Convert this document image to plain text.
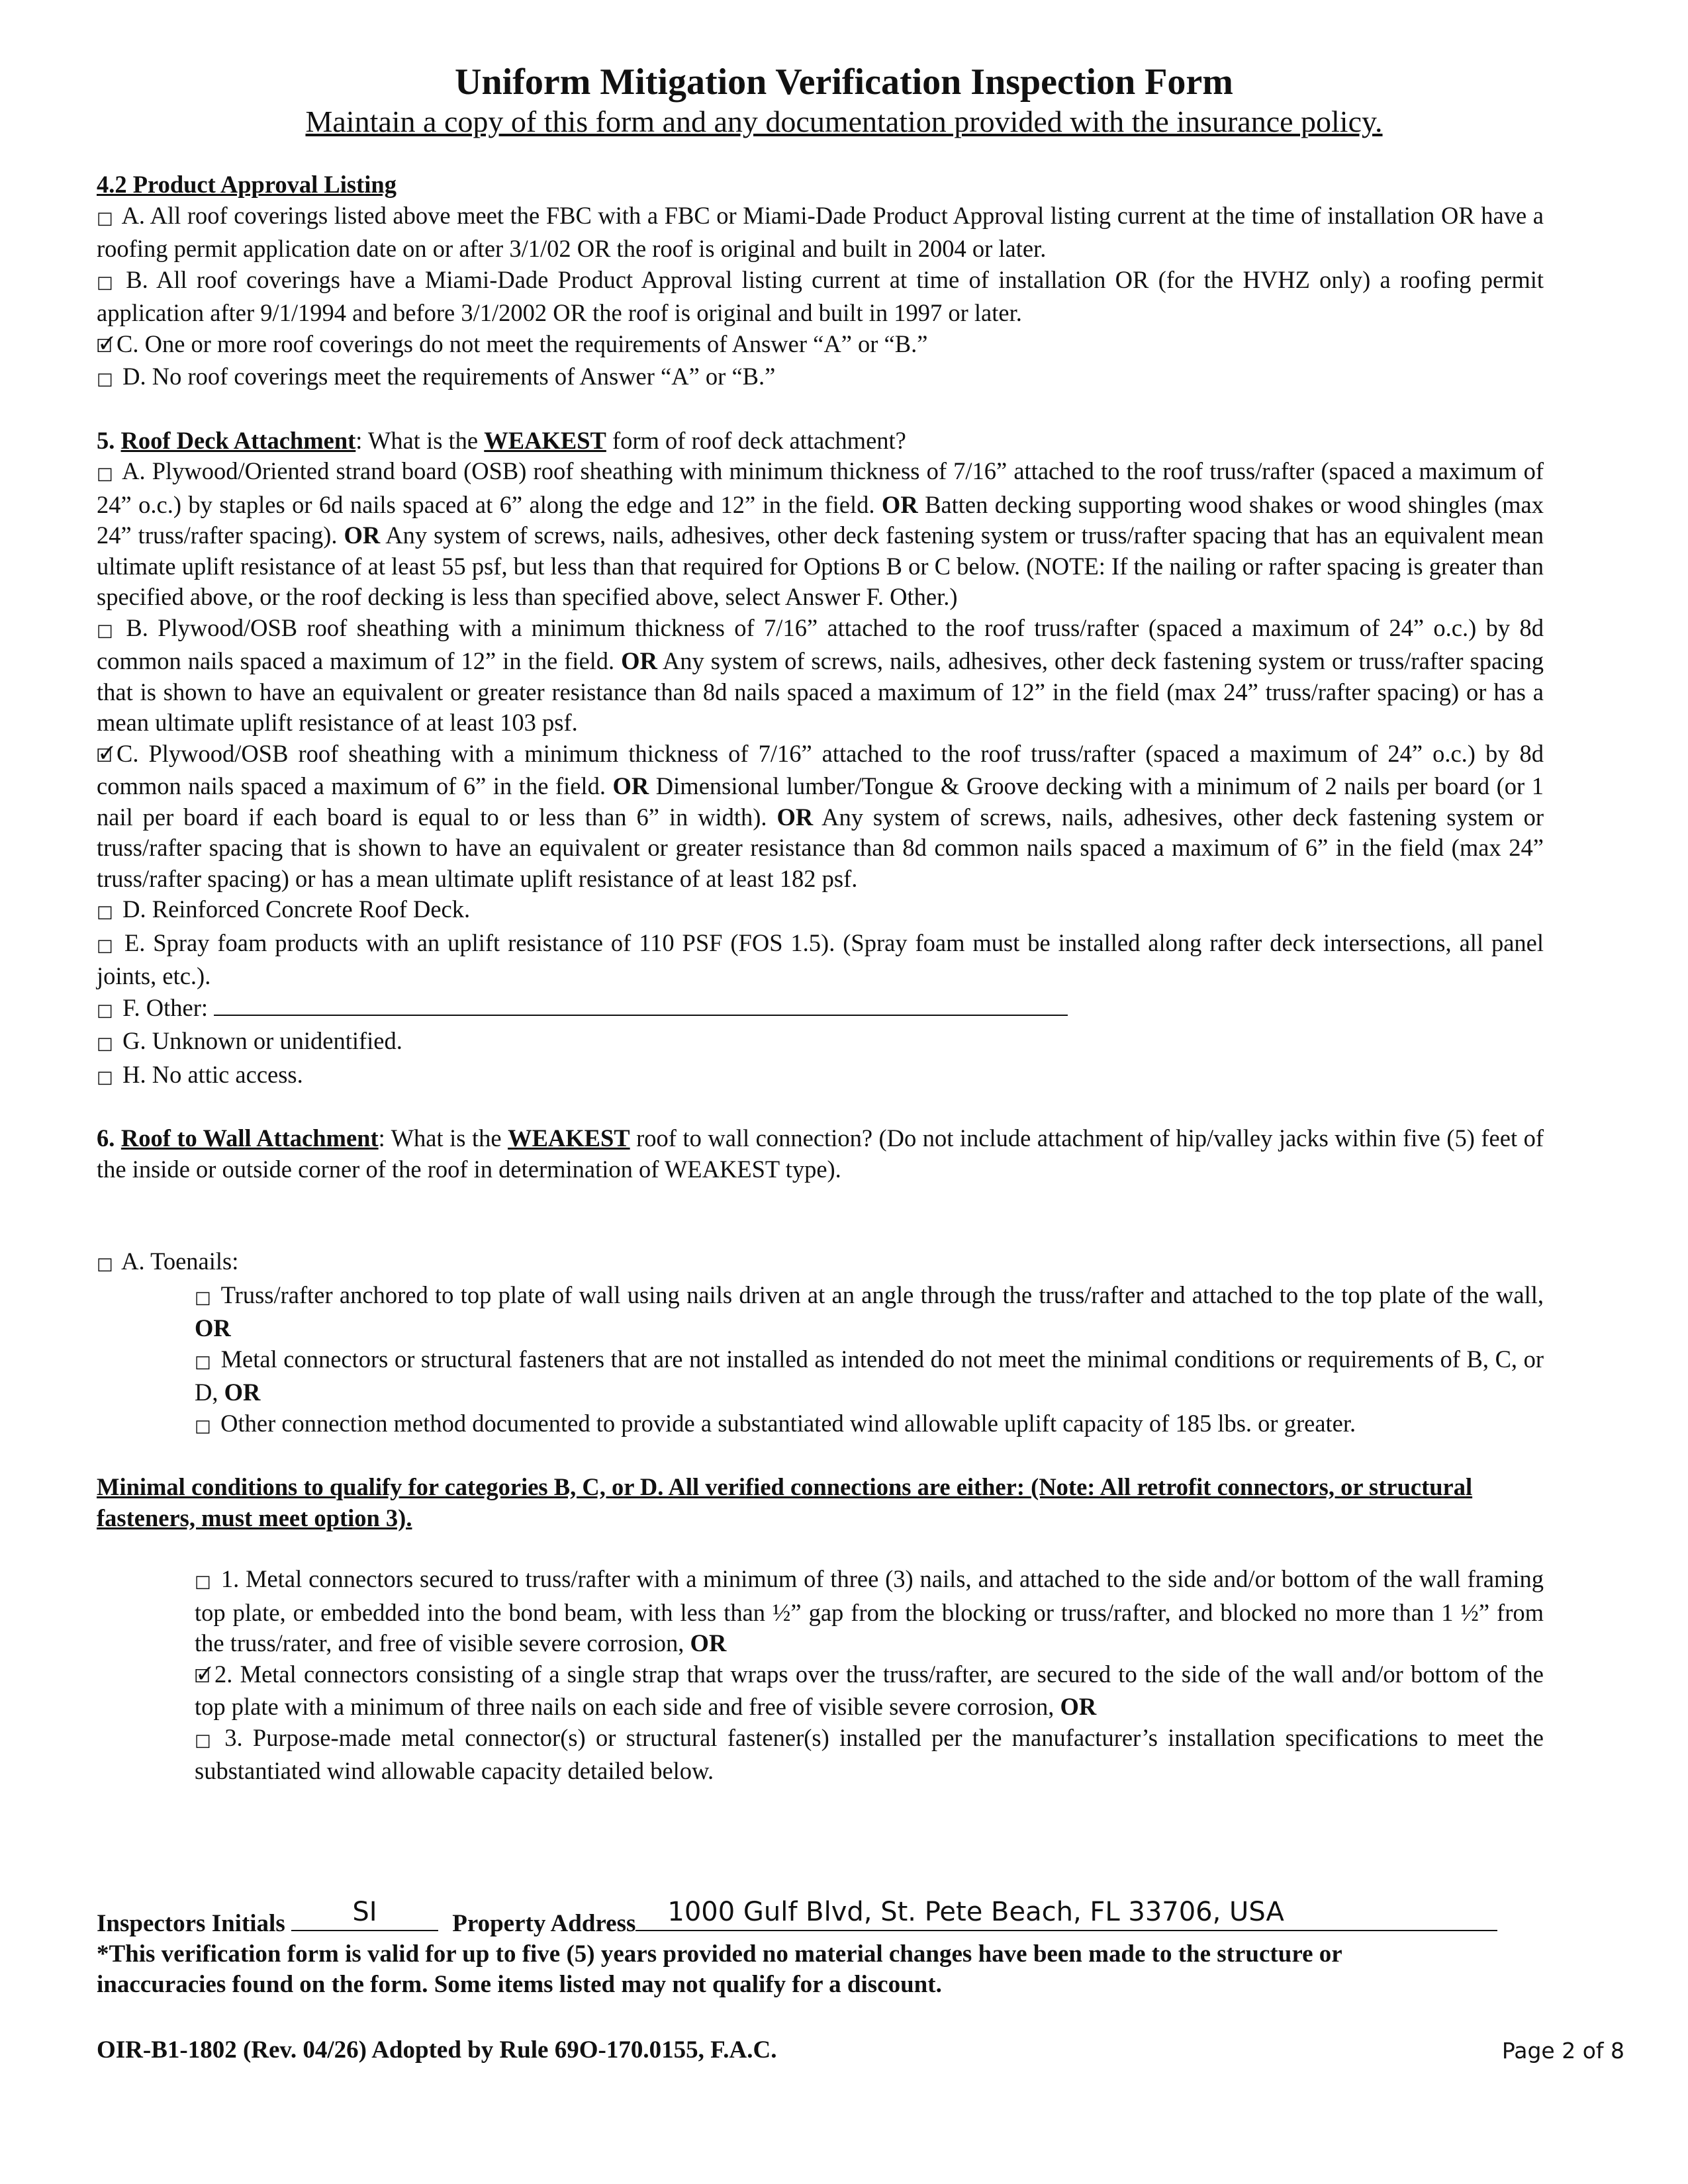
Uniform Mitigation Verification Inspection Form
Maintain a copy of this form and any documentation provided with the insurance policy.

4.2 Product Approval Listing

□ A. All roof coverings listed above meet the FBC with a FBC or Miami-Dade Product Approval listing current at the time of installation OR have a roofing permit application date on or after 3/1/02 OR the roof is original and built in 2004 or later.

□ B. All roof coverings have a Miami-Dade Product Approval listing current at time of installation OR (for the HVHZ only) a roofing permit application after 9/1/1994 and before 3/1/2002 OR the roof is original and built in 1997 or later.

🗹 C. One or more roof coverings do not meet the requirements of Answer “A” or “B.”

□ D. No roof coverings meet the requirements of Answer “A” or “B.”

5. Roof Deck Attachment: What is the WEAKEST form of roof deck attachment?

□ A. Plywood/Oriented strand board (OSB) roof sheathing with minimum thickness of 7/16” attached to the roof truss/rafter (spaced a maximum of 24” o.c.) by staples or 6d nails spaced at 6” along the edge and 12” in the field. OR Batten decking supporting wood shakes or wood shingles (max 24” truss/rafter spacing). OR Any system of screws, nails, adhesives, other deck fastening system or truss/rafter spacing that has an equivalent mean ultimate uplift resistance of at least 55 psf, but less than that required for Options B or C below. (NOTE: If the nailing or rafter spacing is greater than specified above, or the roof decking is less than specified above, select Answer F. Other.)

□ B. Plywood/OSB roof sheathing with a minimum thickness of 7/16” attached to the roof truss/rafter (spaced a maximum of 24” o.c.) by 8d common nails spaced a maximum of 12” in the field. OR Any system of screws, nails, adhesives, other deck fastening system or truss/rafter spacing that is shown to have an equivalent or greater resistance than 8d nails spaced a maximum of 12” in the field (max 24” truss/rafter spacing) or has a mean ultimate uplift resistance of at least 103 psf.

🗹 C. Plywood/OSB roof sheathing with a minimum thickness of 7/16” attached to the roof truss/rafter (spaced a maximum of 24” o.c.) by 8d common nails spaced a maximum of 6” in the field. OR Dimensional lumber/Tongue & Groove decking with a minimum of 2 nails per board (or 1 nail per board if each board is equal to or less than 6” in width). OR Any system of screws, nails, adhesives, other deck fastening system or truss/rafter spacing that is shown to have an equivalent or greater resistance than 8d common nails spaced a maximum of 6” in the field (max 24” truss/rafter spacing) or has a mean ultimate uplift resistance of at least 182 psf.

□ D. Reinforced Concrete Roof Deck.

□ E. Spray foam products with an uplift resistance of 110 PSF (FOS 1.5). (Spray foam must be installed along rafter deck intersections, all panel joints, etc.).

□ F. Other:

□ G. Unknown or unidentified.

□ H. No attic access.

6. Roof to Wall Attachment: What is the WEAKEST roof to wall connection? (Do not include attachment of hip/valley jacks within five (5) feet of the inside or outside corner of the roof in determination of WEAKEST type).

□ A. Toenails:

□ Truss/rafter anchored to top plate of wall using nails driven at an angle through the truss/rafter and attached to the top plate of the wall, OR

□ Metal connectors or structural fasteners that are not installed as intended do not meet the minimal conditions or requirements of B, C, or D, OR

□ Other connection method documented to provide a substantiated wind allowable uplift capacity of 185 lbs. or greater.

Minimal conditions to qualify for categories B, C, or D. All verified connections are either: (Note: All retrofit connectors, or structural fasteners, must meet option 3).

□ 1. Metal connectors secured to truss/rafter with a minimum of three (3) nails, and attached to the side and/or bottom of the wall framing top plate, or embedded into the bond beam, with less than ½” gap from the blocking or truss/rafter, and blocked no more than 1 ½” from the truss/rater, and free of visible severe corrosion, OR

🗹 2. Metal connectors consisting of a single strap that wraps over the truss/rafter, are secured to the side of the wall and/or bottom of the top plate with a minimum of three nails on each side and free of visible severe corrosion, OR

□ 3. Purpose-made metal connector(s) or structural fastener(s) installed per the manufacturer’s installation specifications to meet the substantiated wind allowable capacity detailed below.

Inspectors Initials	SI	Property Address	1000 Gulf Blvd, St. Pete Beach, FL 33706, USA
*This verification form is valid for up to five (5) years provided no material changes have been made to the structure or inaccuracies found on the form. Some items listed may not qualify for a discount.
OIR-B1-1802 (Rev. 04/26) Adopted by Rule 69O-170.0155, F.A.C.	Page 2 of 8
